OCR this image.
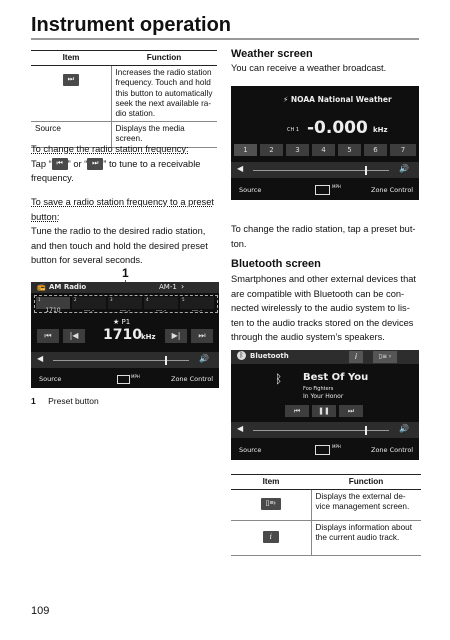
Instrument operation
Item	Function
⏭	Increases the radio station frequency. Touch and hold this button to automatically seek the next available ra-dio station.
Source	Displays the media screen.
To change the radio station frequency:
Tap “ ⏮ ” or “ ⏭ ” to tune to a receivable frequency.
To save a radio station frequency to a preset button:
Tune the radio to the desired radio station, and then touch and hold the desired preset button for several seconds.
1
📻 AM Radio	AM-1 ›
1
1710
2
---.-
3
---.-
4
---.-
5
---.-
★ P1
⏮	|◀	1710 kHz	▶|	⏭
◀	🔊
Source	MPH	Zone Control
1 Preset button
109
Weather screen
You can receive a weather broadcast.
⚡ NOAA National Weather
CH 1 -0.000 kHz
1	2	3	4	5	6	7
◀	🔊
Source	MPH	Zone Control
To change the radio station, tap a preset but-ton.
Bluetooth screen
Smartphones and other external devices that are compatible with Bluetooth can be con-nected wirelessly to the audio system to lis-ten to the audio tracks stored on the devices through the audio system’s speakers.
ᛒ Bluetooth	i	▯≡ ›
ᛒ Best Of You
Foo Fighters
In Your Honor
⏮	❚❚	⏭
◀	🔊
Source	MPH	Zone Control
Item	Function
▯≡›	Displays the external de-vice management screen.
i	Displays information about the current audio track.
